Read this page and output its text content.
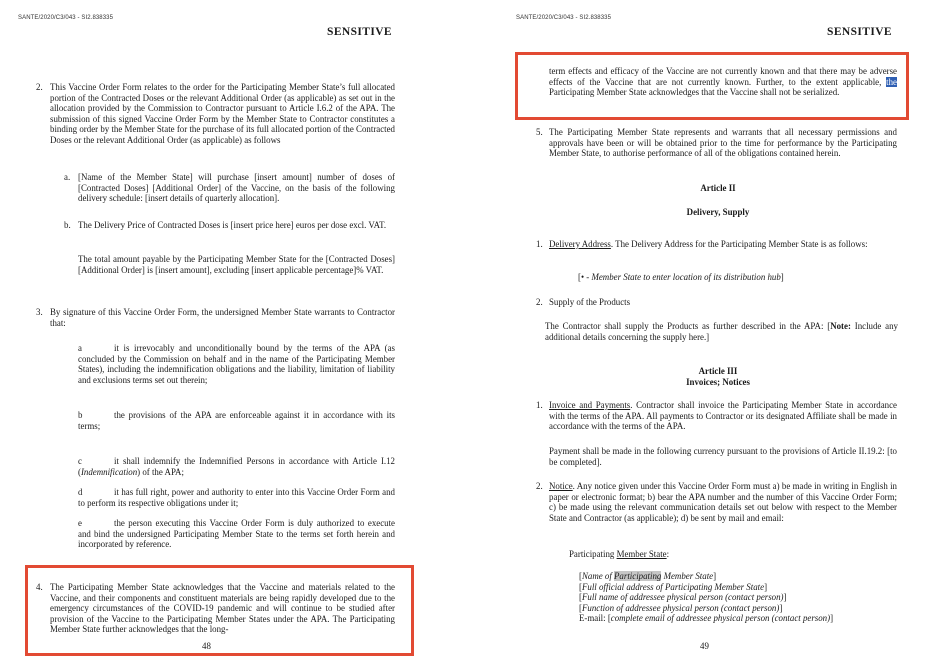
SANTE/2020/C3/043 - SI2.838335
SENSITIVE
2. This Vaccine Order Form relates to the order for the Participating Member State’s full allocated portion of the Contracted Doses or the relevant Additional Order (as applicable) as set out in the allocation provided by the Commission to Contractor pursuant to Article I.6.2 of the APA. The submission of this signed Vaccine Order Form by the Member State to Contractor constitutes a binding order by the Member State for the purchase of its full allocated portion of the Contracted Doses or the relevant Additional Order (as applicable) as follows
a. [Name of the Member State] will purchase [insert amount] number of doses of [Contracted Doses] [Additional Order] of the Vaccine, on the basis of the following delivery schedule: [insert details of quarterly allocation].
b. The Delivery Price of Contracted Doses is [insert price here] euros per dose excl. VAT.
The total amount payable by the Participating Member State for the [Contracted Doses] [Additional Order] is [insert amount], excluding [insert applicable percentage]% VAT.
3. By signature of this Vaccine Order Form, the undersigned Member State warrants to Contractor that:
a	it is irrevocably and unconditionally bound by the terms of the APA (as concluded by the Commission on behalf and in the name of the Participating Member States), including the indemnification obligations and the liability, limitation of liability and exclusions terms set out therein;
b	the provisions of the APA are enforceable against it in accordance with its terms;
c	it shall indemnify the Indemnified Persons in accordance with Article I.12 (Indemnification) of the APA;
d	it has full right, power and authority to enter into this Vaccine Order Form and to perform its respective obligations under it;
e	the person executing this Vaccine Order Form is duly authorized to execute and bind the undersigned Participating Member State to the terms set forth herein and incorporated by reference.
4. The Participating Member State acknowledges that the Vaccine and materials related to the Vaccine, and their components and constituent materials are being rapidly developed due to the emergency circumstances of the COVID-19 pandemic and will continue to be studied after provision of the Vaccine to the Participating Member States under the APA. The Participating Member State further acknowledges that the long-
48
SANTE/2020/C3/043 - SI2.838335
SENSITIVE
term effects and efficacy of the Vaccine are not currently known and that there may be adverse effects of the Vaccine that are not currently known. Further, to the extent applicable, the Participating Member State acknowledges that the Vaccine shall not be serialized.
5. The Participating Member State represents and warrants that all necessary permissions and approvals have been or will be obtained prior to the time for performance by the Participating Member State, to authorise performance of all of the obligations contained herein.
Article II
Delivery, Supply
1. Delivery Address. The Delivery Address for the Participating Member State is as follows:
[• - Member State to enter location of its distribution hub]
2. Supply of the Products
The Contractor shall supply the Products as further described in the APA: [Note: Include any additional details concerning the supply here.]
Article III
Invoices; Notices
1. Invoice and Payments. Contractor shall invoice the Participating Member State in accordance with the terms of the APA. All payments to Contractor or its designated Affiliate shall be made in accordance with the terms of the APA.
Payment shall be made in the following currency pursuant to the provisions of Article II.19.2: [to be completed].
2. Notice. Any notice given under this Vaccine Order Form must a) be made in writing in English in paper or electronic format; b) bear the APA number and the number of this Vaccine Order Form; c) be made using the relevant communication details set out below with respect to the Member State and Contractor (as applicable); d) be sent by mail and email:
Participating Member State:

[Name of Participating Member State]

[Full official address of Participating Member State]

[Full name of addressee physical person (contact person)]

[Function of addressee physical person (contact person)]

E-mail: [complete email of addressee physical person (contact person)]

49
